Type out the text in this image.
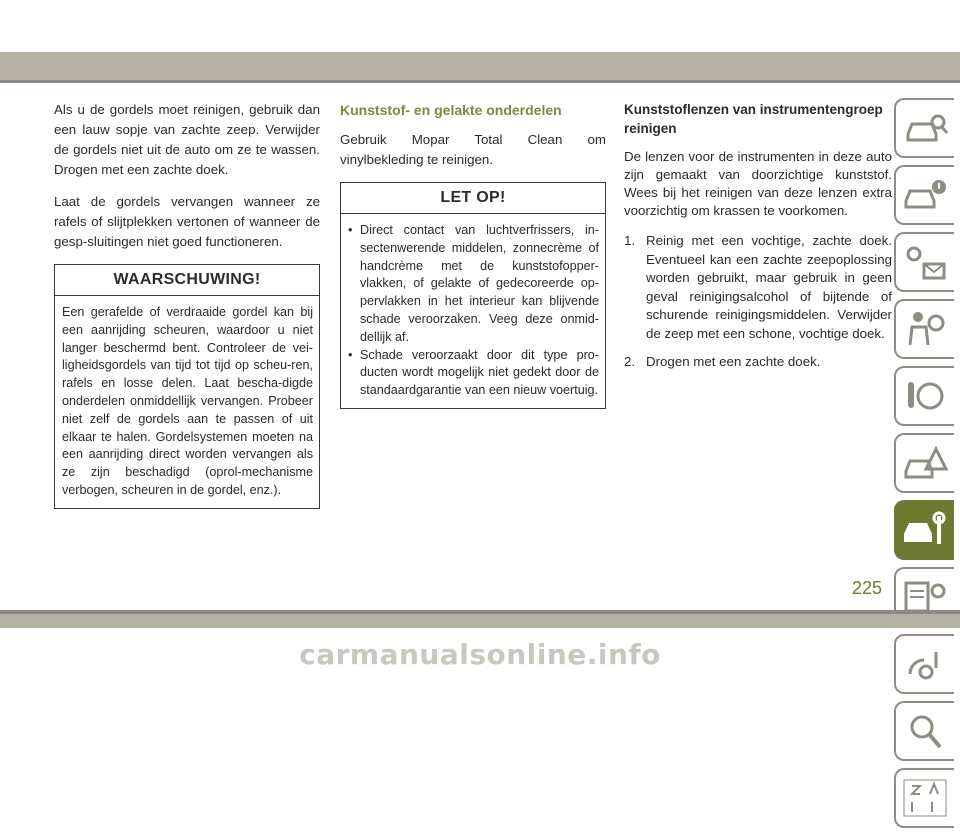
Als u de gordels moet reinigen, gebruik dan een lauw sopje van zachte zeep. Verwijder de gordels niet uit de auto om ze te wassen. Drogen met een zachte doek.

Laat de gordels vervangen wanneer ze rafels of slijtplekken vertonen of wanneer de gesp-sluitingen niet goed functioneren.

WAARSCHUWING!
Een gerafelde of verdraaide gordel kan bij een aanrijding scheuren, waardoor u niet langer beschermd bent. Controleer de vei-ligheidsgordels van tijd tot tijd op scheu-ren, rafels en losse delen. Laat bescha-digde onderdelen onmiddellijk vervangen. Probeer niet zelf de gordels aan te passen of uit elkaar te halen. Gordelsystemen moeten na een aanrijding direct worden vervangen als ze zijn beschadigd (oprol-mechanisme verbogen, scheuren in de gordel, enz.).
Kunststof- en gelakte onderdelen

Gebruik Mopar Total Clean om vinylbekleding te reinigen.

LET OP!
• Direct contact van luchtverfrissers, in-sectenwerende middelen, zonnecrème of handcrème met de kunststofopper-vlakken, of gelakte of gedecoreerde op-pervlakken in het interieur kan blijvende schade veroorzaken. Veeg deze onmid-dellijk af.
• Schade veroorzaakt door dit type pro-ducten wordt mogelijk niet gedekt door de standaardgarantie van een nieuw voertuig.
Kunststoflenzen van instrumentengroep reinigen

De lenzen voor de instrumenten in deze auto zijn gemaakt van doorzichtige kunststof. Wees bij het reinigen van deze lenzen extra voorzichtig om krassen te voorkomen.

1. Reinig met een vochtige, zachte doek. Eventueel kan een zachte zeepoplossing worden gebruikt, maar gebruik in geen geval reinigingsalcohol of bijtende of schurende reinigingsmiddelen. Verwijder de zeep met een schone, vochtige doek.
2. Drogen met een zachte doek.
225
carmanualsonline.info
